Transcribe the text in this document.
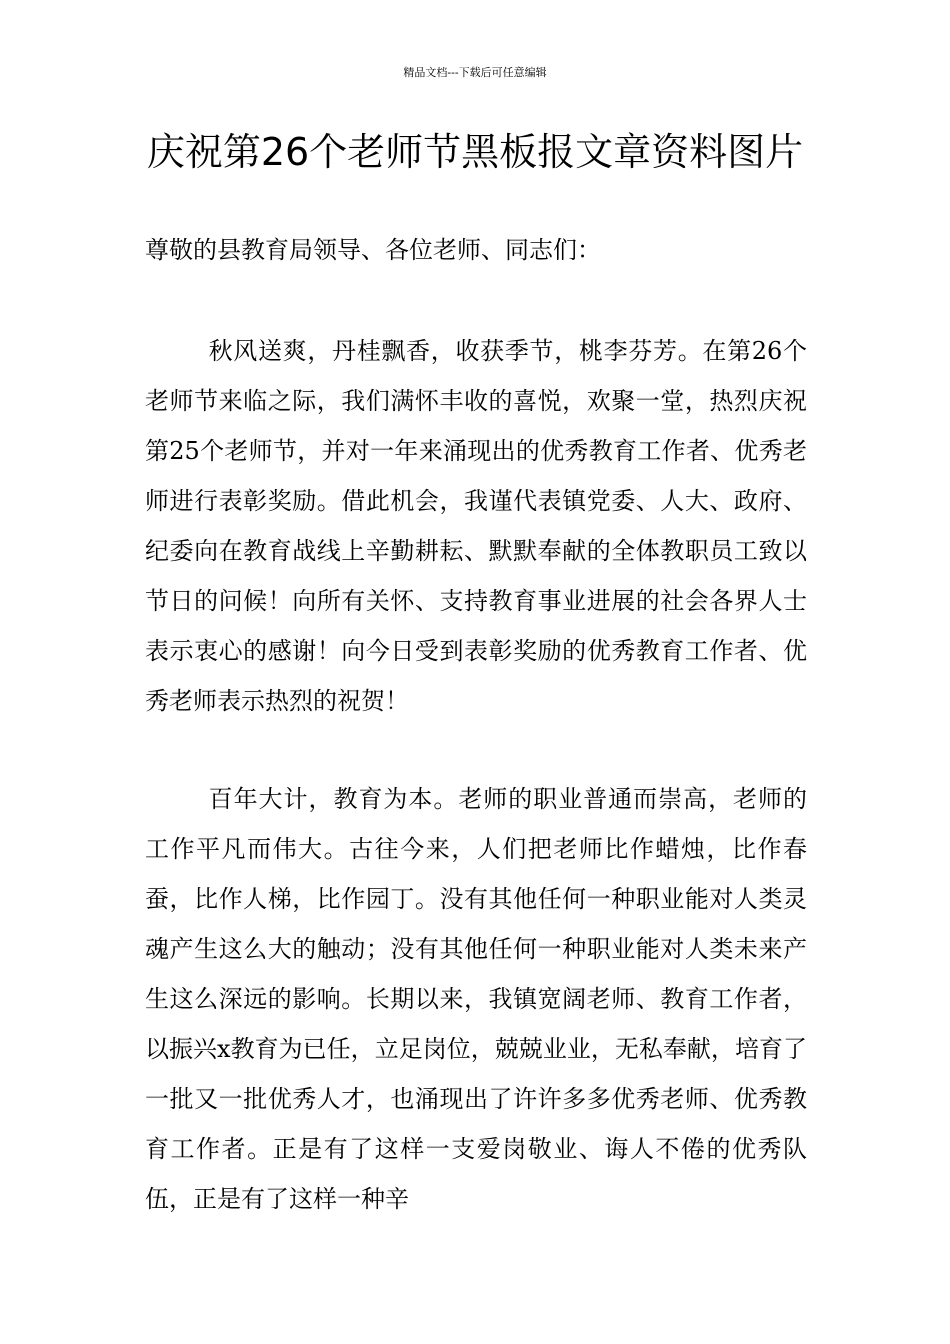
精品文档---下载后可任意编辑
庆祝第26个老师节黑板报文章资料图片

尊敬的县教育局领导、各位老师、同志们：

秋风送爽，丹桂飘香，收获季节，桃李芬芳。在第26个老师节来临之际，我们满怀丰收的喜悦，欢聚一堂，热烈庆祝第25个老师节，并对一年来涌现出的优秀教育工作者、优秀老师进行表彰奖励。借此机会，我谨代表镇党委、人大、政府、纪委向在教育战线上辛勤耕耘、默默奉献的全体教职员工致以节日的问候！向所有关怀、支持教育事业进展的社会各界人士表示衷心的感谢！向今日受到表彰奖励的优秀教育工作者、优秀老师表示热烈的祝贺！

百年大计，教育为本。老师的职业普通而崇高，老师的工作平凡而伟大。古往今来，人们把老师比作蜡烛，比作春蚕，比作人梯，比作园丁。没有其他任何一种职业能对人类灵魂产生这么大的触动；没有其他任何一种职业能对人类未来产生这么深远的影响。长期以来，我镇宽阔老师、教育工作者，以振兴x教育为已任，立足岗位，兢兢业业，无私奉献，培育了一批又一批优秀人才，也涌现出了许许多多优秀老师、优秀教育工作者。正是有了这样一支爱岗敬业、诲人不倦的优秀队伍，正是有了这样一种辛
